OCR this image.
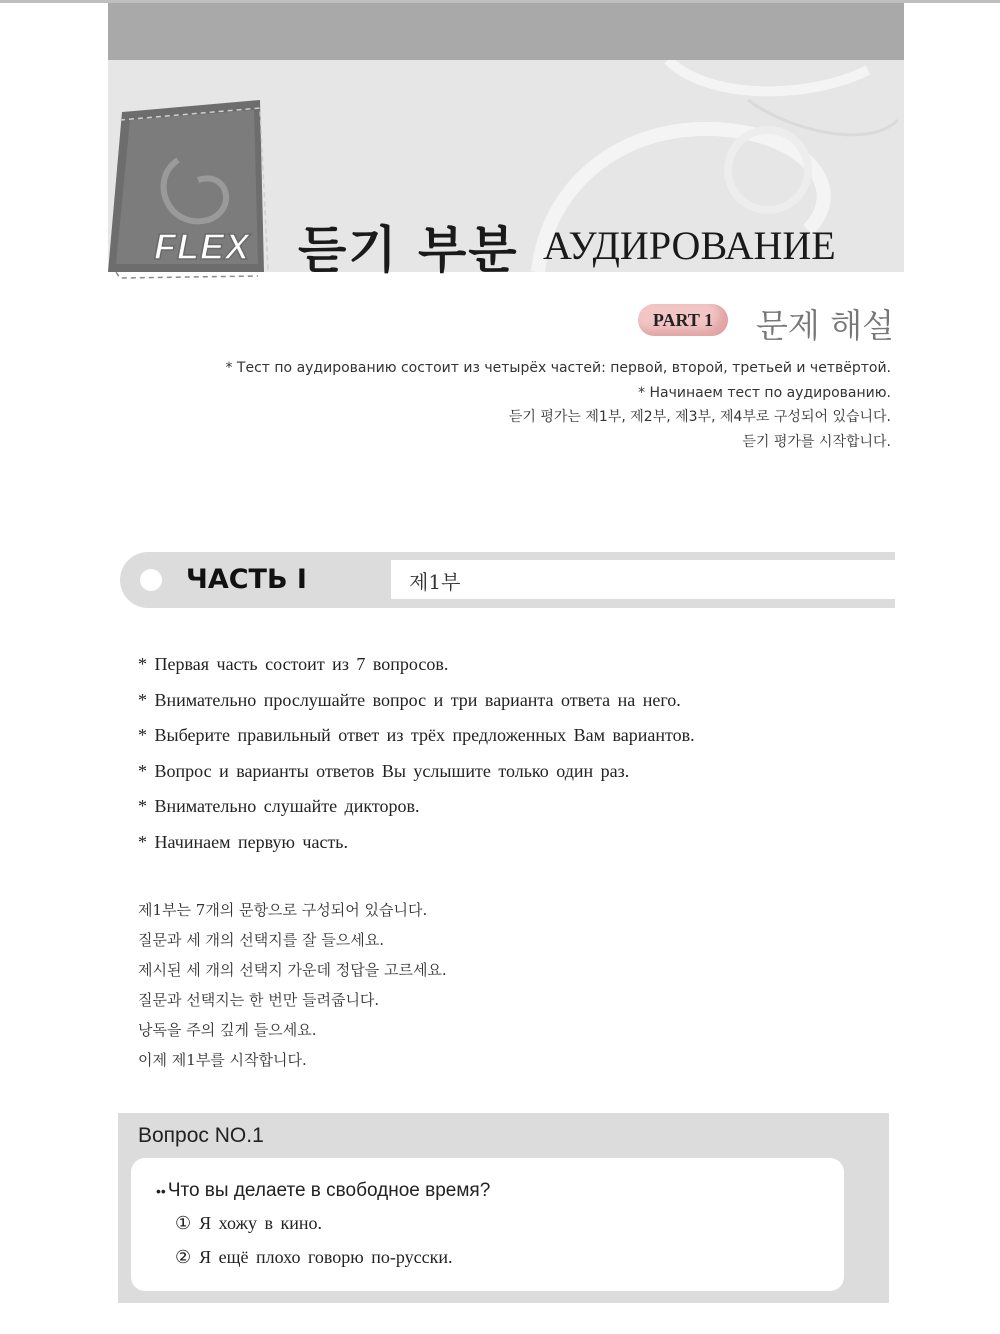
FLEX 듣기 부분 АУДИРОВАНИЕ
PART 1	문제 해설
* Тест по аудированию состоит из четырёх частей: первой, второй, третьей и четвёртой.
* Начинаем тест по аудированию.
듣기 평가는 제1부, 제2부, 제3부, 제4부로 구성되어 있습니다.
듣기 평가를 시작합니다.
ЧАСТЬ I	제1부
* Первая часть состоит из 7 вопросов.
* Внимательно прослушайте вопрос и три варианта ответа на него.
* Выберите правильный ответ из трёх предложенных Вам вариантов.
* Вопрос и варианты ответов Вы услышите только один раз.
* Внимательно слушайте дикторов.
* Начинаем первую часть.
제1부는 7개의 문항으로 구성되어 있습니다.
질문과 세 개의 선택지를 잘 들으세요.
제시된 세 개의 선택지 가운데 정답을 고르세요.
질문과 선택지는 한 번만 들려줍니다.
낭독을 주의 깊게 들으세요.
이제 제1부를 시작합니다.
Вопрос NO.1
•• Что вы делаете в свободное время?
① Я хожу в кино.
② Я ещё плохо говорю по-русски.
